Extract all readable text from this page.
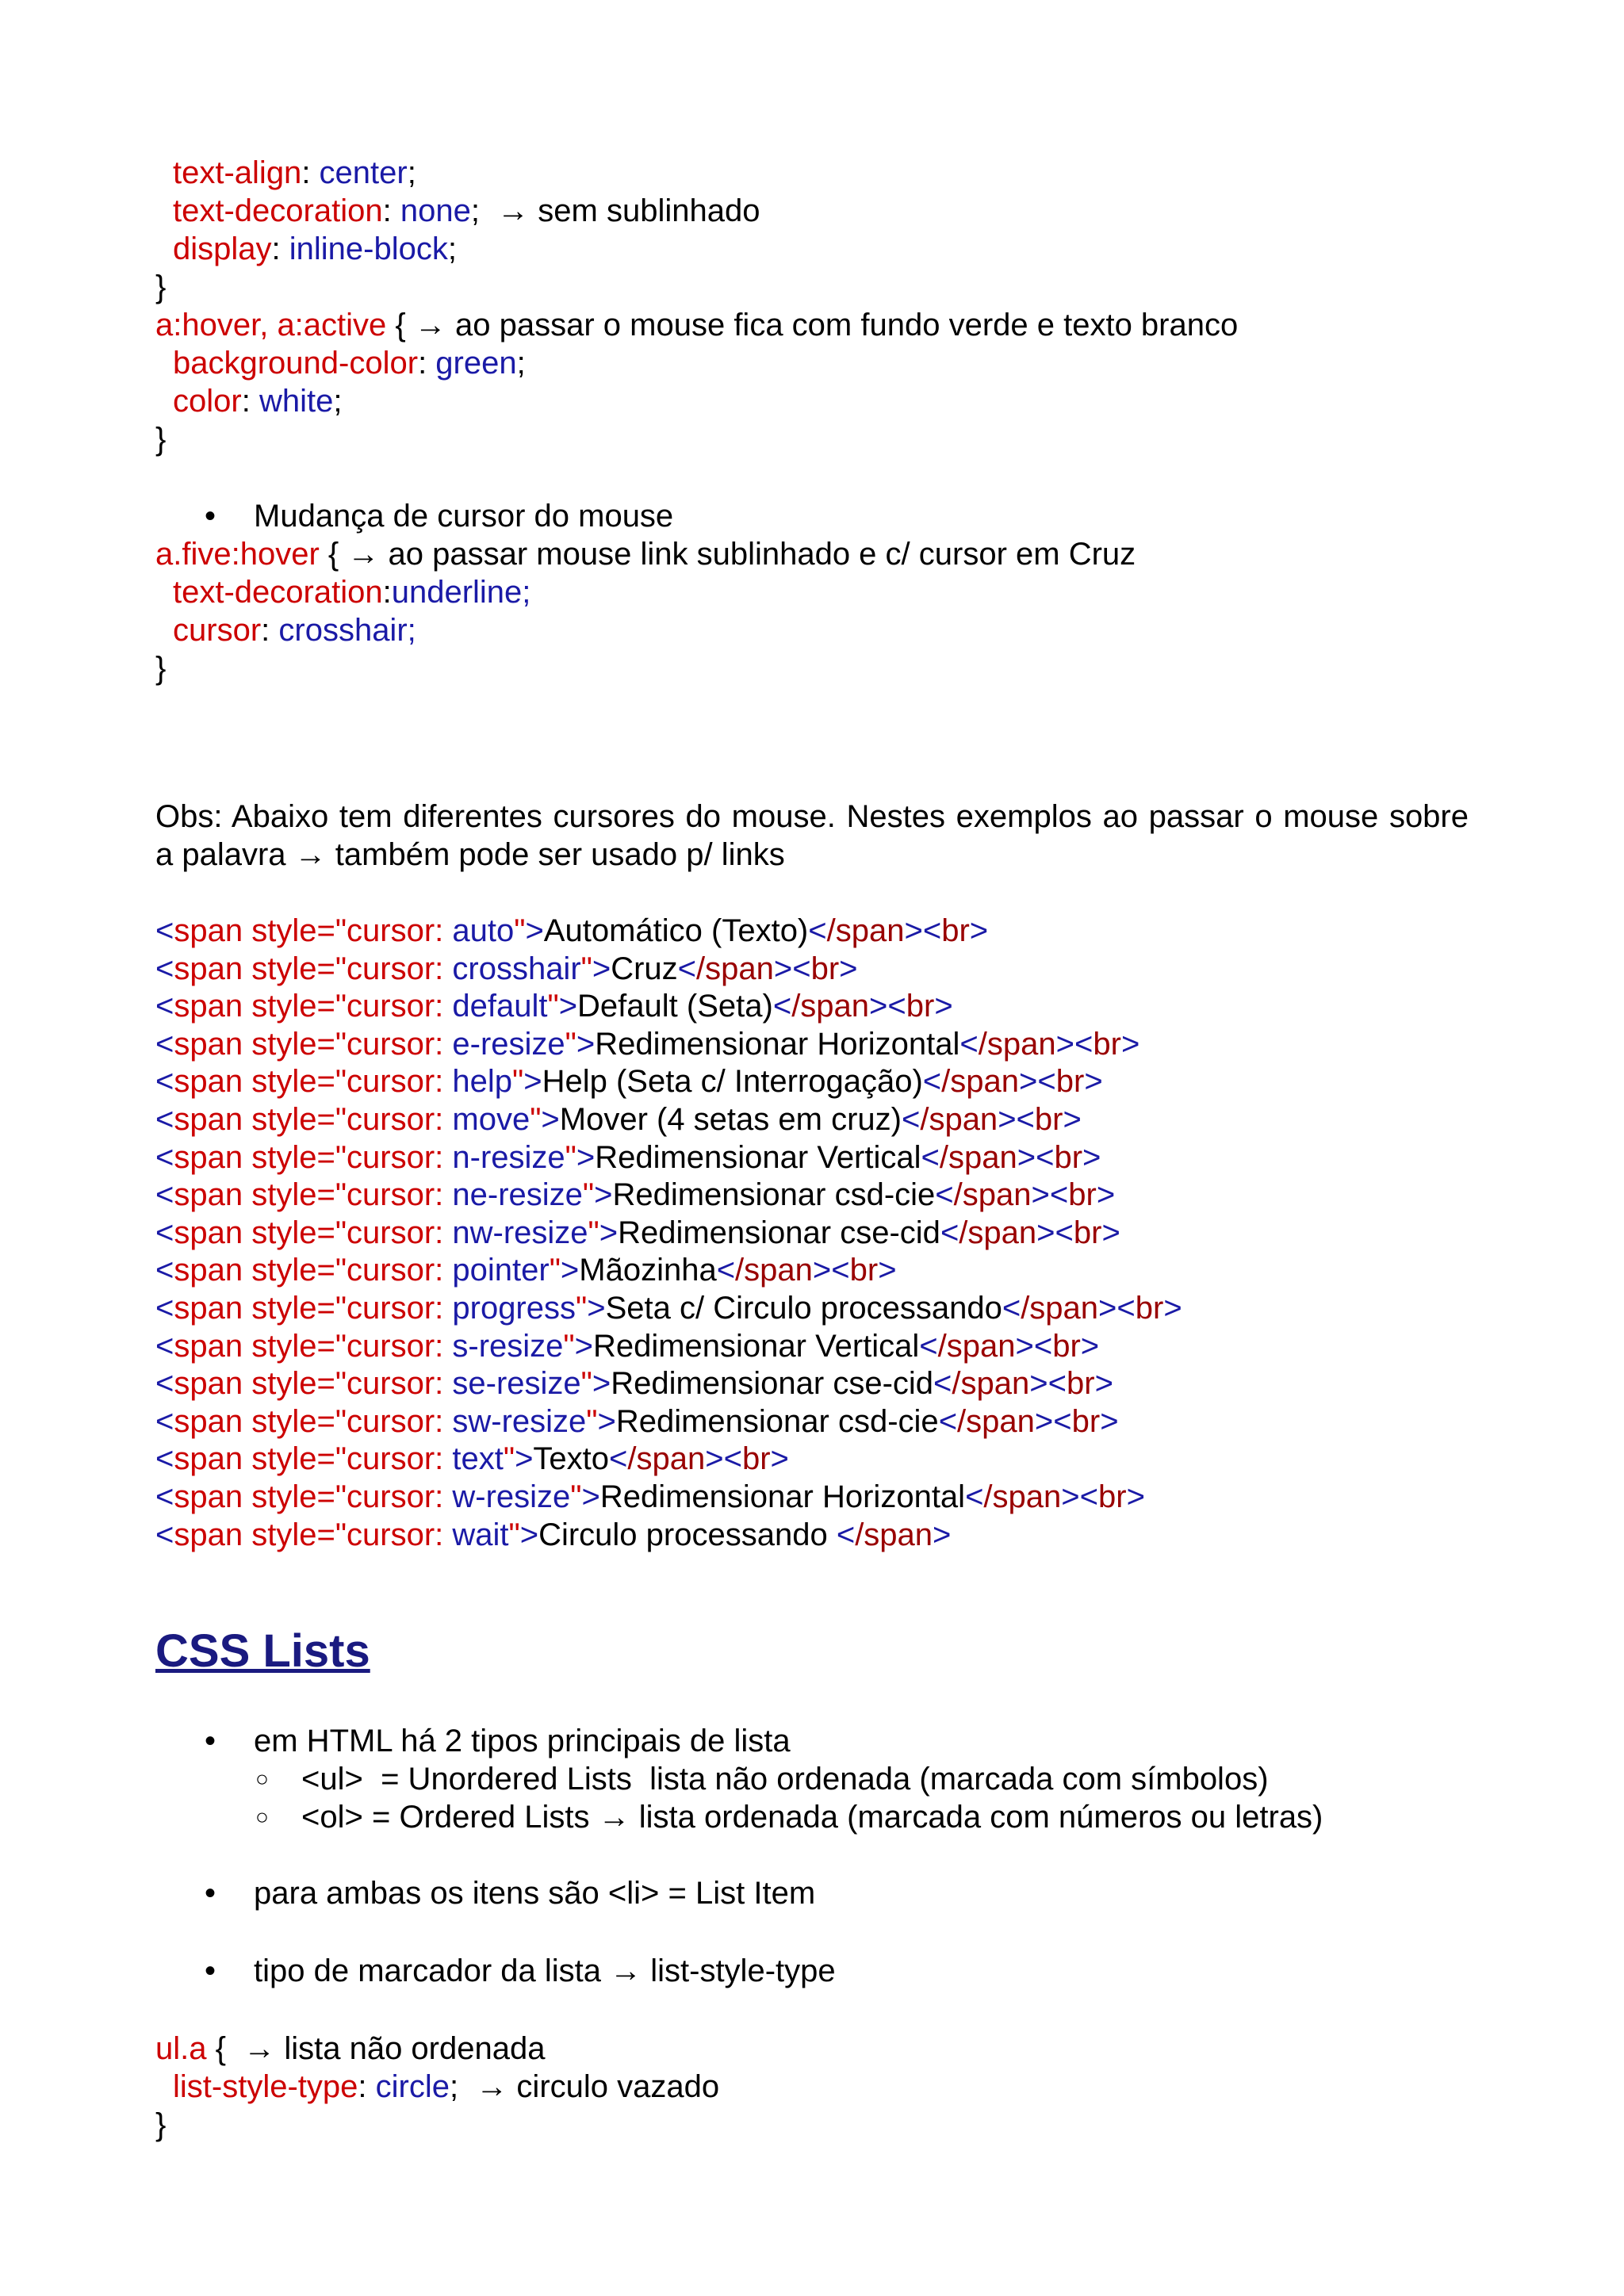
text-align: center;
text-decoration: none;  → sem sublinhado
display: inline-block;
}
a:hover, a:active { → ao passar o mouse fica com fundo verde e texto branco
background-color: green;
color: white;
}
• Mudança de cursor do mouse
a.five:hover { → ao passar mouse link sublinhado e c/ cursor em Cruz
text-decoration:underline;
cursor: crosshair;
}
Obs: Abaixo tem diferentes cursores do mouse. Nestes exemplos ao passar o mouse sobre a palavra → também pode ser usado p/ links
<span style="cursor: auto">Automático (Texto)</span><br>
<span style="cursor: crosshair">Cruz</span><br>
<span style="cursor: default">Default (Seta)</span><br>
<span style="cursor: e-resize">Redimensionar Horizontal</span><br>
<span style="cursor: help">Help (Seta c/ Interrogação)</span><br>
<span style="cursor: move">Mover (4 setas em cruz)</span><br>
<span style="cursor: n-resize">Redimensionar Vertical</span><br>
<span style="cursor: ne-resize">Redimensionar csd-cie</span><br>
<span style="cursor: nw-resize">Redimensionar cse-cid</span><br>
<span style="cursor: pointer">Mãozinha</span><br>
<span style="cursor: progress">Seta c/ Circulo processando</span><br>
<span style="cursor: s-resize">Redimensionar Vertical</span><br>
<span style="cursor: se-resize">Redimensionar cse-cid</span><br>
<span style="cursor: sw-resize">Redimensionar csd-cie</span><br>
<span style="cursor: text">Texto</span><br>
<span style="cursor: w-resize">Redimensionar Horizontal</span><br>
<span style="cursor: wait">Circulo processando </span>
CSS Lists
• em HTML há 2 tipos principais de lista
○ <ul>  = Unordered Lists  lista não ordenada (marcada com símbolos)
○ <ol> = Ordered Lists → lista ordenada (marcada com números ou letras)
• para ambas os itens são <li> = List Item
• tipo de marcador da lista → list-style-type
ul.a {  → lista não ordenada
list-style-type: circle;  → circulo vazado
}
